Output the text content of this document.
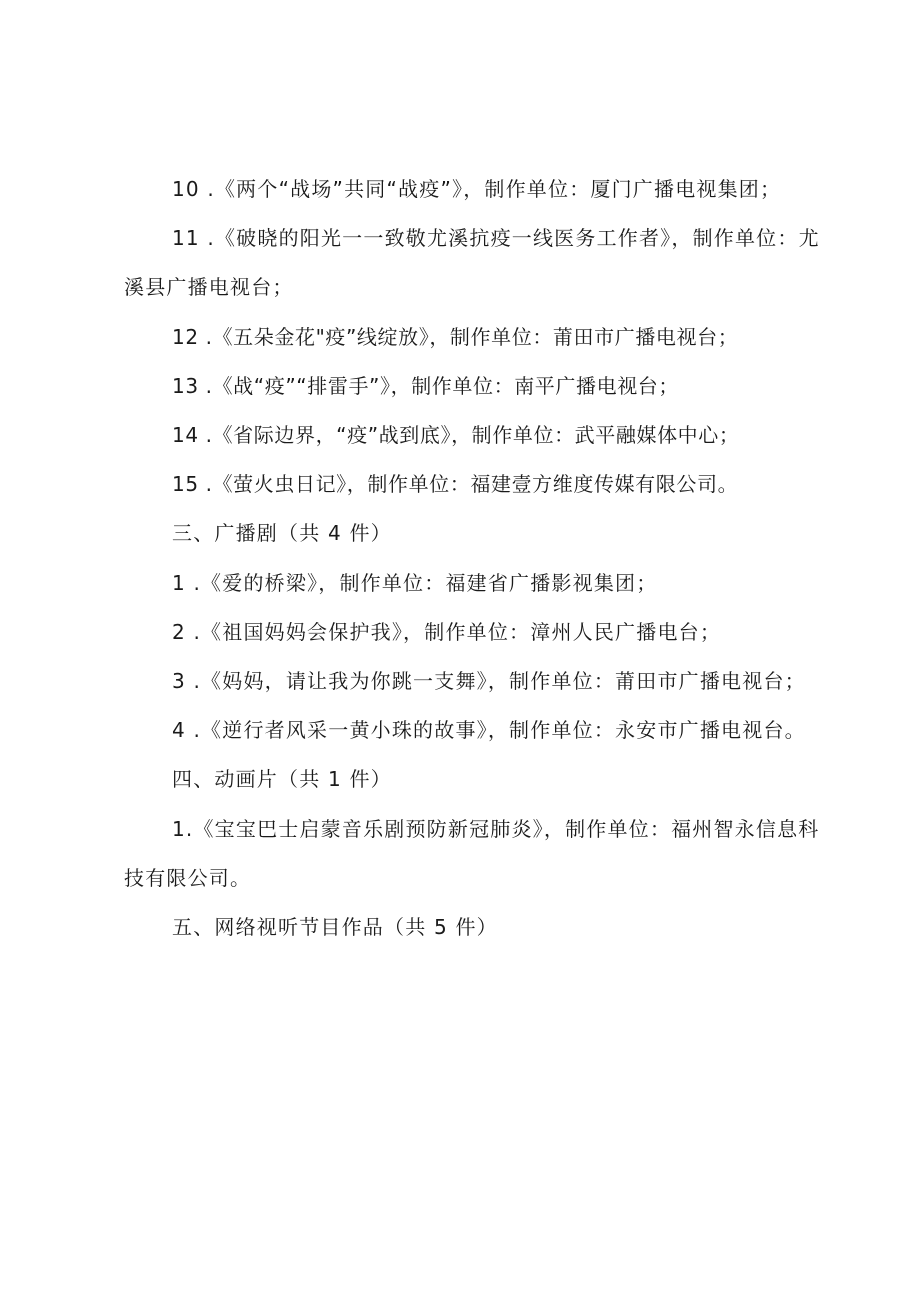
10 .《两个“战场”共同“战疫”》，制作单位：厦门广播电视集团；

11 .《破晓的阳光一一致敬尤溪抗疫一线医务工作者》，制作单位：尤溪县广播电视台；

12 .《五朵金花"疫”线绽放》，制作单位：莆田市广播电视台；

13 .《战“疫”“排雷手”》，制作单位：南平广播电视台；

14 .《省际边界，“疫”战到底》，制作单位：武平融媒体中心；

15 .《萤火虫日记》，制作单位：福建壹方维度传媒有限公司。

三、广播剧（共 4 件）

1 .《爱的桥梁》，制作单位：福建省广播影视集团；

2 .《祖国妈妈会保护我》，制作单位：漳州人民广播电台；

3 .《妈妈，请让我为你跳一支舞》，制作单位：莆田市广播电视台；

4 .《逆行者风采一黄小珠的故事》，制作单位：永安市广播电视台。

四、动画片（共 1 件）

1.《宝宝巴士启蒙音乐剧预防新冠肺炎》，制作单位：福州智永信息科技有限公司。

五、网络视听节目作品（共 5 件）
